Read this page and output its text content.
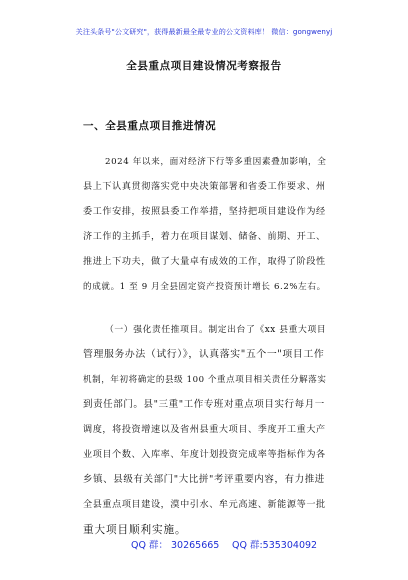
关注头条号"公文研究"，获得最新最全最专业的公文资料库！ 微信：gongwenyj
全县重点项目建设情况考察报告
一、全县重点项目推进情况
2024 年以来，面对经济下行等多重因素叠加影响，全
县上下认真贯彻落实党中央决策部署和省委工作要求、州
委工作安排，按照县委工作举措，坚持把项目建设作为经
济工作的主抓手，着力在项目谋划、储备、前期、开工、
推进上下功夫，做了大量卓有成效的工作，取得了阶段性
的成就。1 至 9 月全县固定资产投资预计增长 6.2%左右。
（一）强化责任推项目。制定出台了《xx 县重大项目
管理服务办法（试行）》，认真落实"五个一"项目工作
机制，年初将确定的县级 100 个重点项目相关责任分解落实
到责任部门。县"三重"工作专班对重点项目实行每月一
调度，将投资增速以及省州县重大项目、季度开工重大产
业项目个数、入库率、年度计划投资完成率等指标作为各
乡镇、县级有关部门"大比拼"考评重要内容，有力推进
全县重点项目建设，漠中引水、牟元高速、新能源等一批
重大项目顺利实施。
QQ 群： 30265665 QQ 群:535304092
